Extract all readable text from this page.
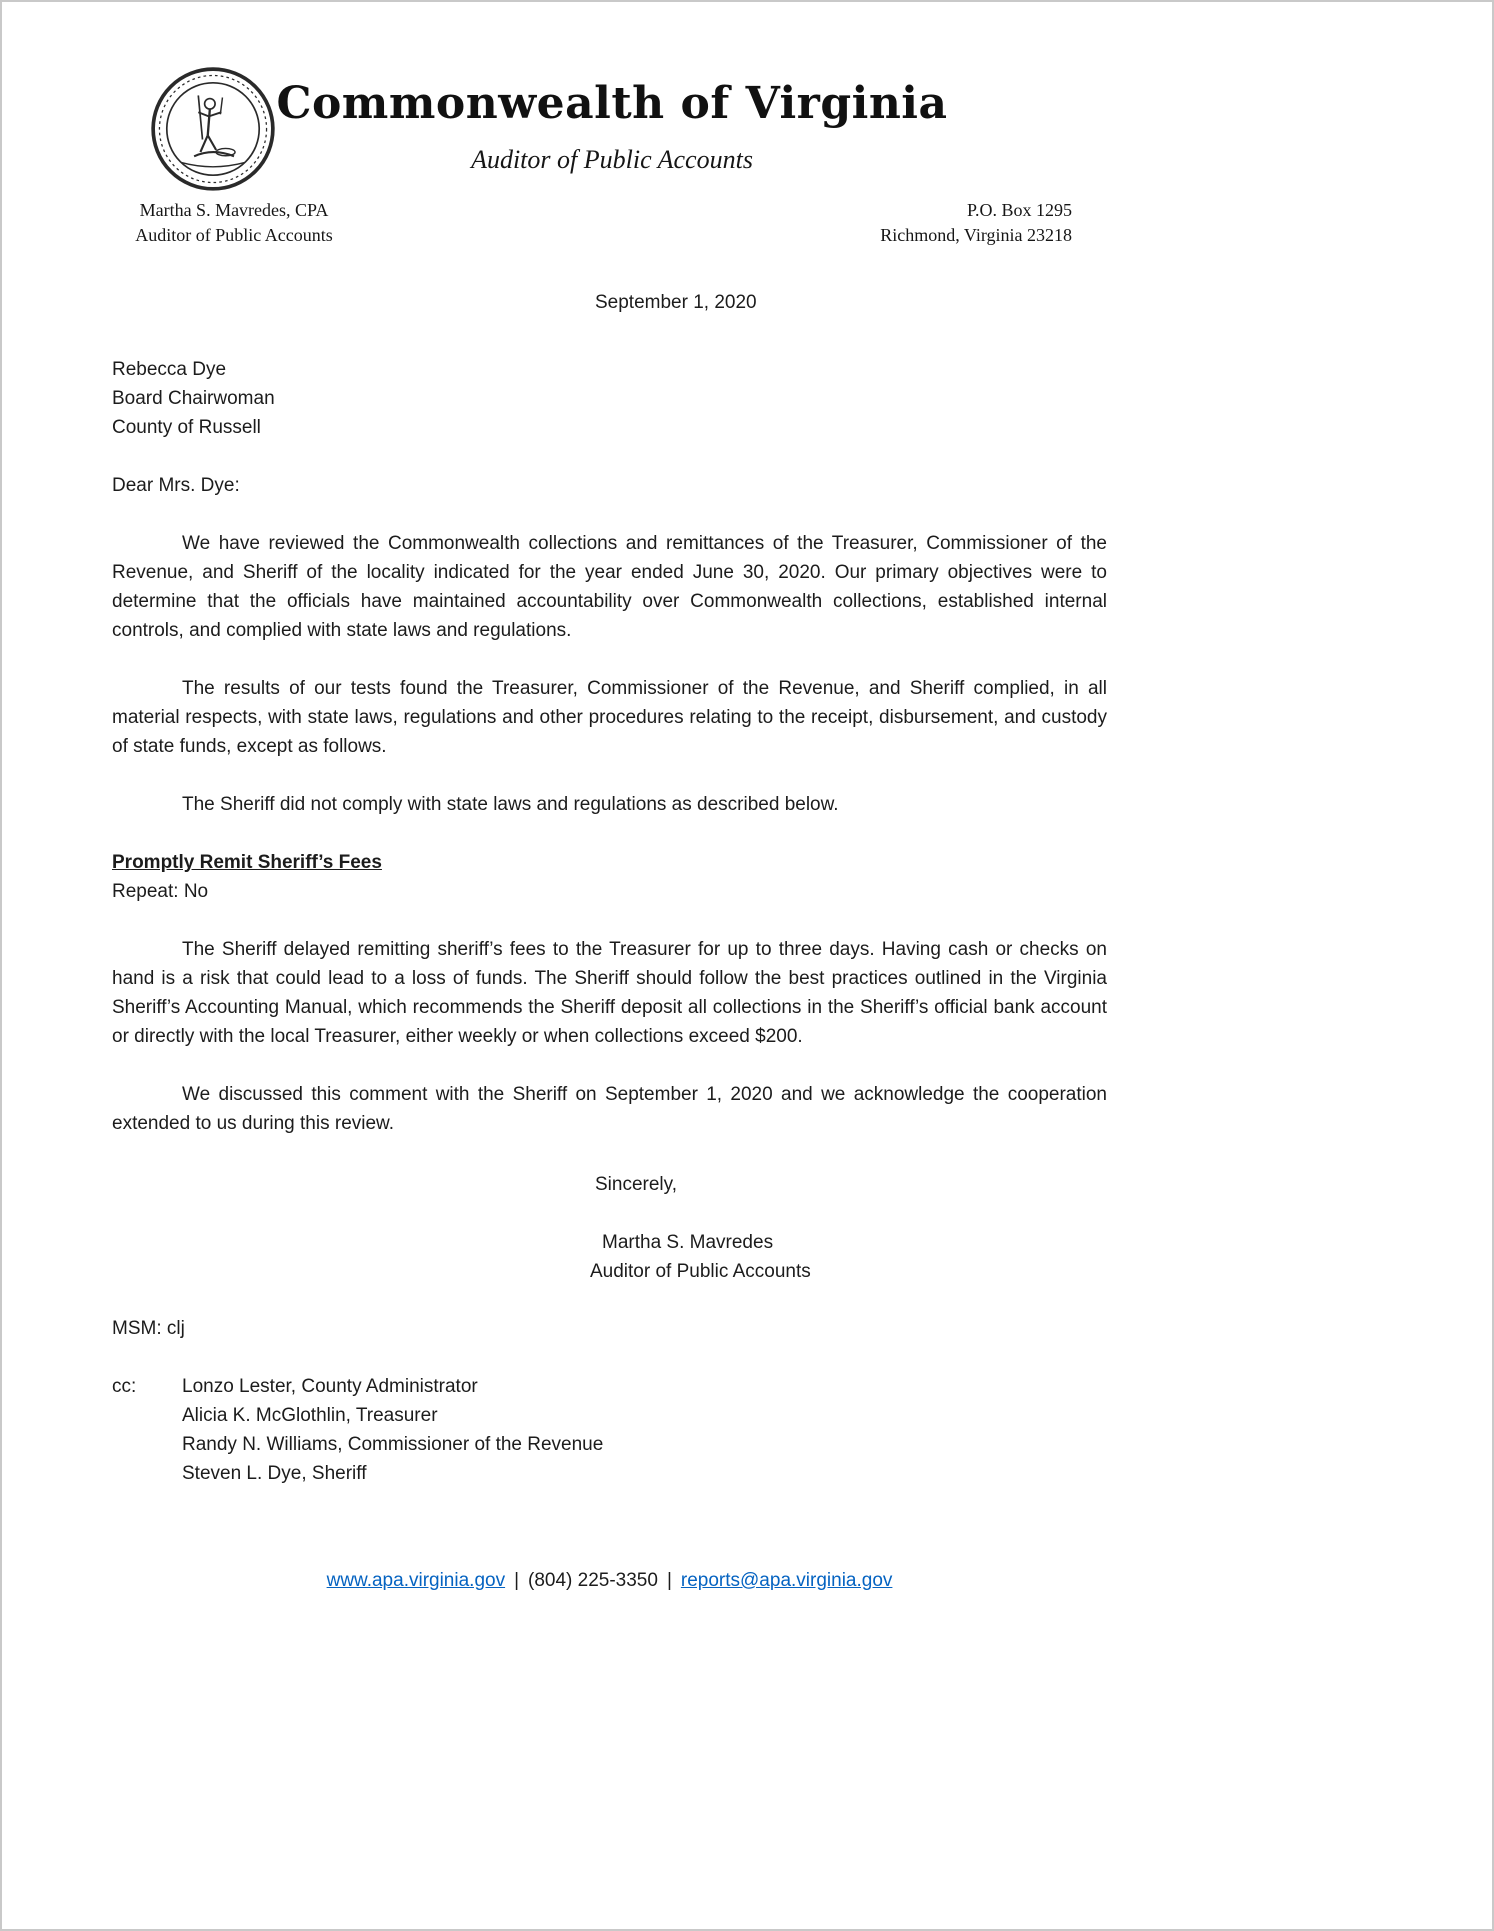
Commonwealth of Virginia
Auditor of Public Accounts
Martha S. Mavredes, CPA
Auditor of Public Accounts
P.O. Box 1295
Richmond, Virginia 23218
September 1, 2020
Rebecca Dye
Board Chairwoman
County of Russell
Dear Mrs. Dye:

We have reviewed the Commonwealth collections and remittances of the Treasurer, Commissioner of the Revenue, and Sheriff of the locality indicated for the year ended June 30, 2020. Our primary objectives were to determine that the officials have maintained accountability over Commonwealth collections, established internal controls, and complied with state laws and regulations.

The results of our tests found the Treasurer, Commissioner of the Revenue, and Sheriff complied, in all material respects, with state laws, regulations and other procedures relating to the receipt, disbursement, and custody of state funds, except as follows.

The Sheriff did not comply with state laws and regulations as described below.

Promptly Remit Sheriff’s Fees
Repeat: No

The Sheriff delayed remitting sheriff’s fees to the Treasurer for up to three days. Having cash or checks on hand is a risk that could lead to a loss of funds. The Sheriff should follow the best practices outlined in the Virginia Sheriff’s Accounting Manual, which recommends the Sheriff deposit all collections in the Sheriff’s official bank account or directly with the local Treasurer, either weekly or when collections exceed $200.

We discussed this comment with the Sheriff on September 1, 2020 and we acknowledge the cooperation extended to us during this review.

Sincerely,
Martha S. Mavredes
Auditor of Public Accounts
MSM: clj
cc:	Lonzo Lester, County Administrator
Alicia K. McGlothlin, Treasurer
Randy N. Williams, Commissioner of the Revenue
Steven L. Dye, Sheriff
www.apa.virginia.gov | (804) 225-3350 | reports@apa.virginia.gov
